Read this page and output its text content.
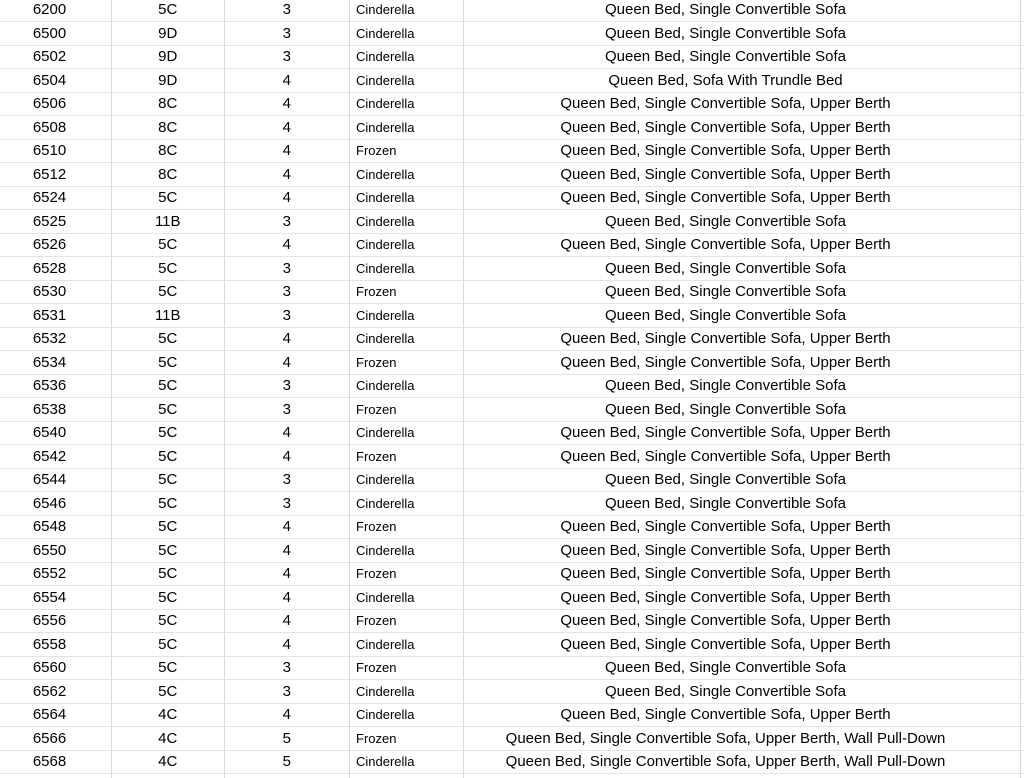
6200	5C	3	Cinderella	Queen Bed, Single Convertible Sofa
6500	9D	3	Cinderella	Queen Bed, Single Convertible Sofa
6502	9D	3	Cinderella	Queen Bed, Single Convertible Sofa
6504	9D	4	Cinderella	Queen Bed, Sofa With Trundle Bed
6506	8C	4	Cinderella	Queen Bed, Single Convertible Sofa, Upper Berth
6508	8C	4	Cinderella	Queen Bed, Single Convertible Sofa, Upper Berth
6510	8C	4	Frozen	Queen Bed, Single Convertible Sofa, Upper Berth
6512	8C	4	Cinderella	Queen Bed, Single Convertible Sofa, Upper Berth
6524	5C	4	Cinderella	Queen Bed, Single Convertible Sofa, Upper Berth
6525	11B	3	Cinderella	Queen Bed, Single Convertible Sofa
6526	5C	4	Cinderella	Queen Bed, Single Convertible Sofa, Upper Berth
6528	5C	3	Cinderella	Queen Bed, Single Convertible Sofa
6530	5C	3	Frozen	Queen Bed, Single Convertible Sofa
6531	11B	3	Cinderella	Queen Bed, Single Convertible Sofa
6532	5C	4	Cinderella	Queen Bed, Single Convertible Sofa, Upper Berth
6534	5C	4	Frozen	Queen Bed, Single Convertible Sofa, Upper Berth
6536	5C	3	Cinderella	Queen Bed, Single Convertible Sofa
6538	5C	3	Frozen	Queen Bed, Single Convertible Sofa
6540	5C	4	Cinderella	Queen Bed, Single Convertible Sofa, Upper Berth
6542	5C	4	Frozen	Queen Bed, Single Convertible Sofa, Upper Berth
6544	5C	3	Cinderella	Queen Bed, Single Convertible Sofa
6546	5C	3	Cinderella	Queen Bed, Single Convertible Sofa
6548	5C	4	Frozen	Queen Bed, Single Convertible Sofa, Upper Berth
6550	5C	4	Cinderella	Queen Bed, Single Convertible Sofa, Upper Berth
6552	5C	4	Frozen	Queen Bed, Single Convertible Sofa, Upper Berth
6554	5C	4	Cinderella	Queen Bed, Single Convertible Sofa, Upper Berth
6556	5C	4	Frozen	Queen Bed, Single Convertible Sofa, Upper Berth
6558	5C	4	Cinderella	Queen Bed, Single Convertible Sofa, Upper Berth
6560	5C	3	Frozen	Queen Bed, Single Convertible Sofa
6562	5C	3	Cinderella	Queen Bed, Single Convertible Sofa
6564	4C	4	Cinderella	Queen Bed, Single Convertible Sofa, Upper Berth
6566	4C	5	Frozen	Queen Bed, Single Convertible Sofa, Upper Berth, Wall Pull-Down
6568	4C	5	Cinderella	Queen Bed, Single Convertible Sofa, Upper Berth, Wall Pull-Down
